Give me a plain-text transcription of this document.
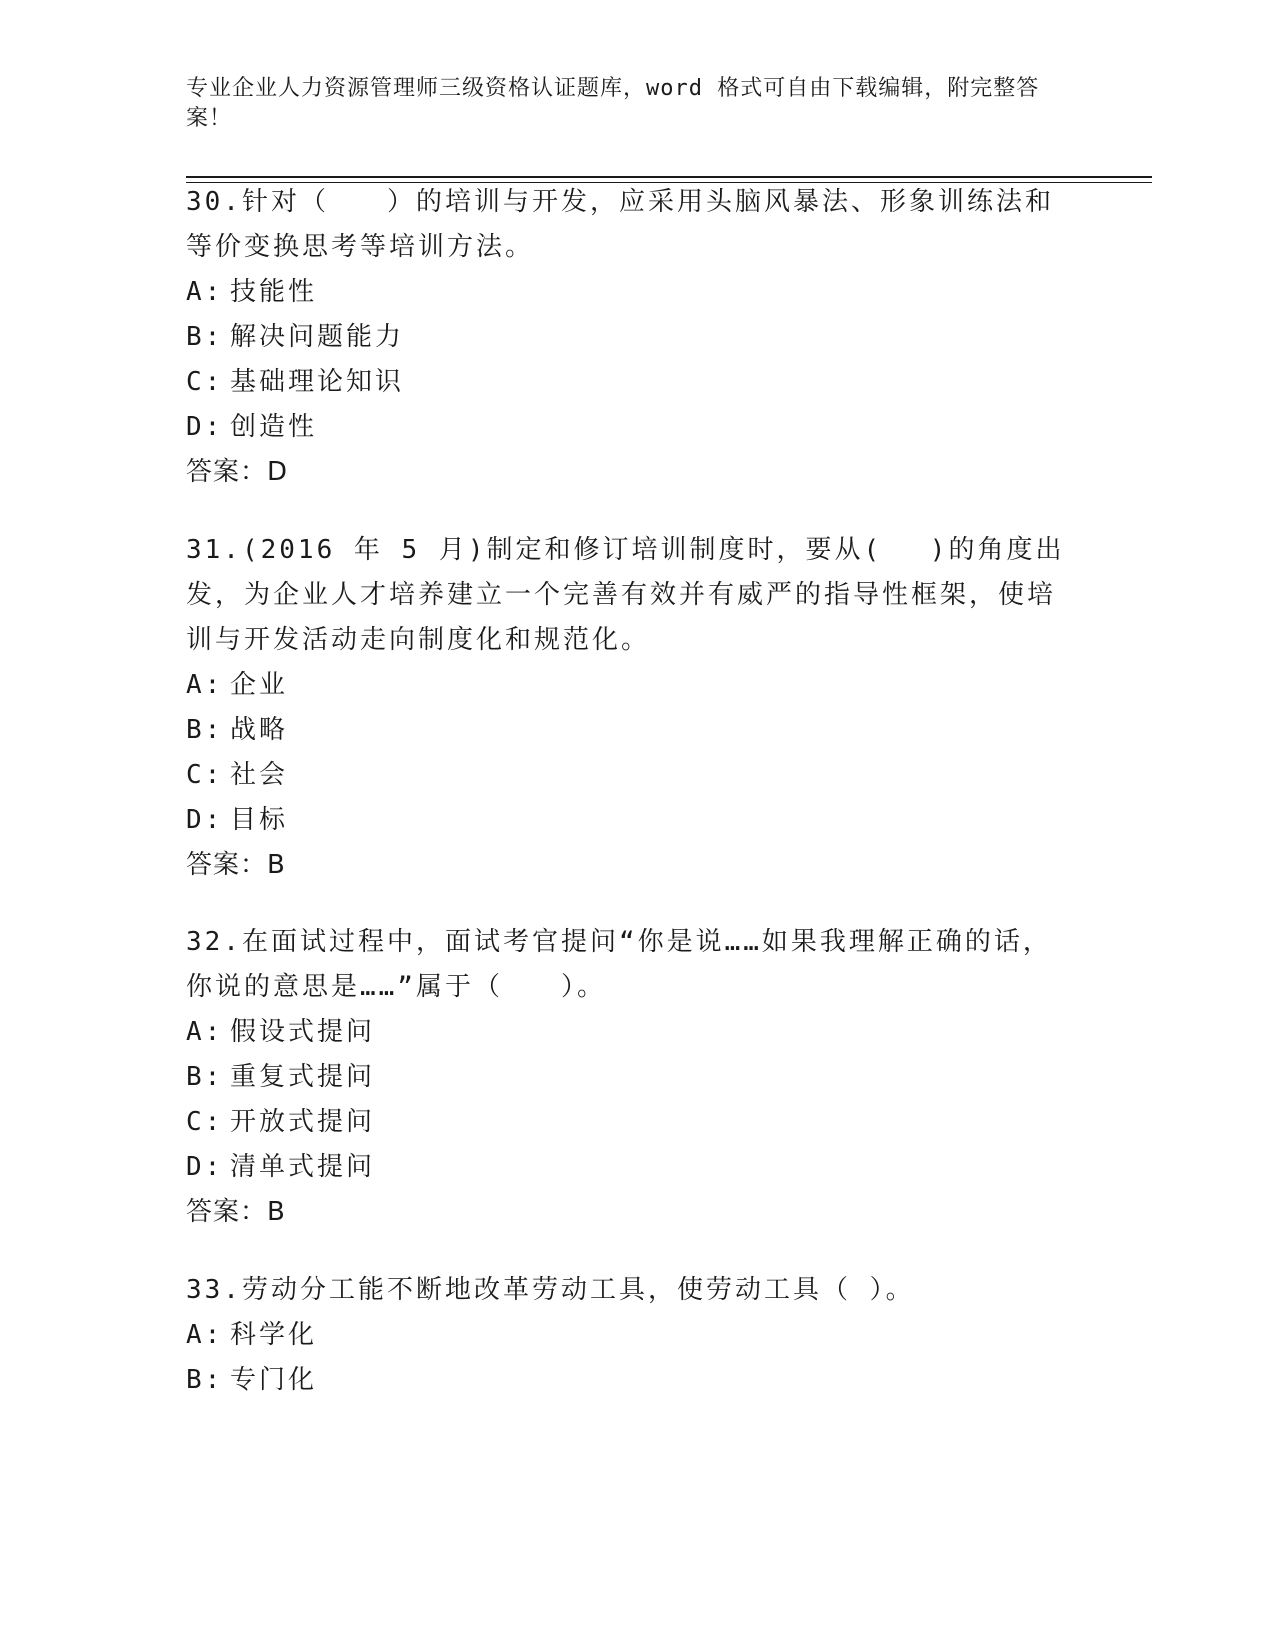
专业企业人力资源管理师三级资格认证题库，word 格式可自由下载编辑，附完整答案！

30.针对（　　）的培训与开发，应采用头脑风暴法、形象训练法和等价变换思考等培训方法。

A: 技能性

B: 解决问题能力

C: 基础理论知识

D: 创造性

答案：D

31.(2016 年 5 月)制定和修订培训制度时，要从(　 )的角度出发，为企业人才培养建立一个完善有效并有威严的指导性框架，使培训与开发活动走向制度化和规范化。

A: 企业

B: 战略

C: 社会

D: 目标

答案：B

32.在面试过程中，面试考官提问“你是说……如果我理解正确的话，你说的意思是……”属于（　　）。

A: 假设式提问

B: 重复式提问

C: 开放式提问

D: 清单式提问

答案：B

33.劳动分工能不断地改革劳动工具，使劳动工具（ ）。

A: 科学化

B: 专门化
